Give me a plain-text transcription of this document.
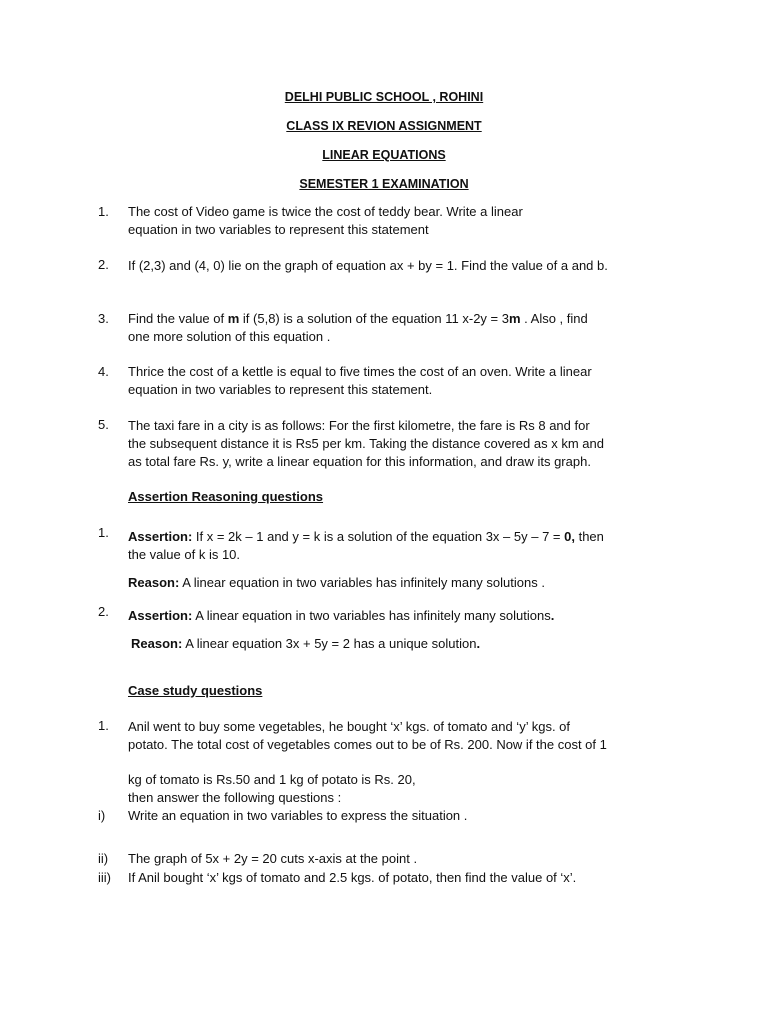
DELHI PUBLIC SCHOOL , ROHINI
CLASS IX REVION ASSIGNMENT
LINEAR EQUATIONS
SEMESTER 1 EXAMINATION
1. The cost of Video game is twice the cost of teddy bear. Write a linear
equation in two variables to represent this statement
2. If (2,3) and (4, 0) lie on the graph of equation ax + by = 1. Find the value of a and b.
3. Find the value of m if (5,8) is a solution of the equation 11 x-2y = 3m . Also , find
one more solution of this equation .
4. Thrice the cost of a kettle is equal to five times the cost of an oven. Write a linear
equation in two variables to represent this statement.
5. The taxi fare in a city is as follows: For the first kilometre, the fare is Rs 8 and for
the subsequent distance it is Rs5 per km. Taking the distance covered as x km and
as total fare Rs. y, write a linear equation for this information, and draw its graph.
Assertion Reasoning questions
1. Assertion: If x = 2k – 1 and y = k is a solution of the equation 3x – 5y – 7 = 0, then
the value of k is 10.
Reason: A linear equation in two variables has infinitely many solutions .
2. Assertion: A linear equation in two variables has infinitely many solutions.
Reason: A linear equation 3x + 5y = 2 has a unique solution.
Case study questions
1. Anil went to buy some vegetables, he bought ‘x’ kgs. of tomato and ‘y’ kgs. of
potato. The total cost of vegetables comes out to be of Rs. 200. Now if the cost of 1
kg of tomato is Rs.50 and 1 kg of potato is Rs. 20,
then answer the following questions :
i) Write an equation in two variables to express the situation .
ii) The graph of 5x + 2y = 20 cuts x-axis at the point .
iii) If Anil bought ‘x’ kgs of tomato and 2.5 kgs. of potato, then find the value of ‘x’.
